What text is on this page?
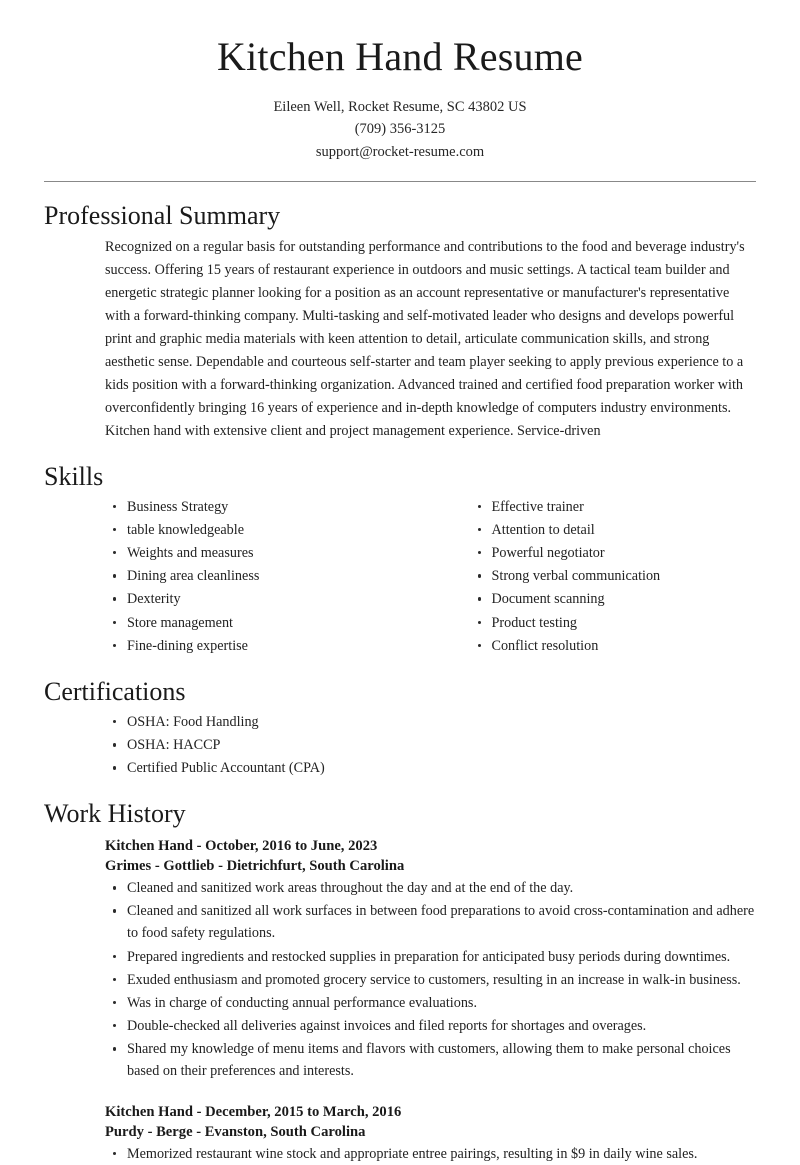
Kitchen Hand Resume
Eileen Well, Rocket Resume, SC 43802 US
(709) 356-3125
support@rocket-resume.com
Professional Summary

Recognized on a regular basis for outstanding performance and contributions to the food and beverage industry's success. Offering 15 years of restaurant experience in outdoors and music settings. A tactical team builder and energetic strategic planner looking for a position as an account representative or manufacturer's representative with a forward-thinking company. Multi-tasking and self-motivated leader who designs and develops powerful print and graphic media materials with keen attention to detail, articulate communication skills, and strong aesthetic sense. Dependable and courteous self-starter and team player seeking to apply previous experience to a kids position with a forward-thinking organization. Advanced trained and certified food preparation worker with overconfidently bringing 16 years of experience and in-depth knowledge of computers industry environments. Kitchen hand with extensive client and project management experience. Service-driven

Skills
Business Strategy
table knowledgeable
Weights and measures
Dining area cleanliness
Dexterity
Store management
Fine-dining expertise
Effective trainer
Attention to detail
Powerful negotiator
Strong verbal communication
Document scanning
Product testing
Conflict resolution
Certifications
OSHA: Food Handling
OSHA: HACCP
Certified Public Accountant (CPA)
Work History
Kitchen Hand - October, 2016 to June, 2023
Grimes - Gottlieb - Dietrichfurt, South Carolina
Cleaned and sanitized work areas throughout the day and at the end of the day.
Cleaned and sanitized all work surfaces in between food preparations to avoid cross-contamination and adhere to food safety regulations.
Prepared ingredients and restocked supplies in preparation for anticipated busy periods during downtimes.
Exuded enthusiasm and promoted grocery service to customers, resulting in an increase in walk-in business.
Was in charge of conducting annual performance evaluations.
Double-checked all deliveries against invoices and filed reports for shortages and overages.
Shared my knowledge of menu items and flavors with customers, allowing them to make personal choices based on their preferences and interests.
Kitchen Hand - December, 2015 to March, 2016
Purdy - Berge - Evanston, South Carolina
Memorized restaurant wine stock and appropriate entree pairings, resulting in $9 in daily wine sales.
